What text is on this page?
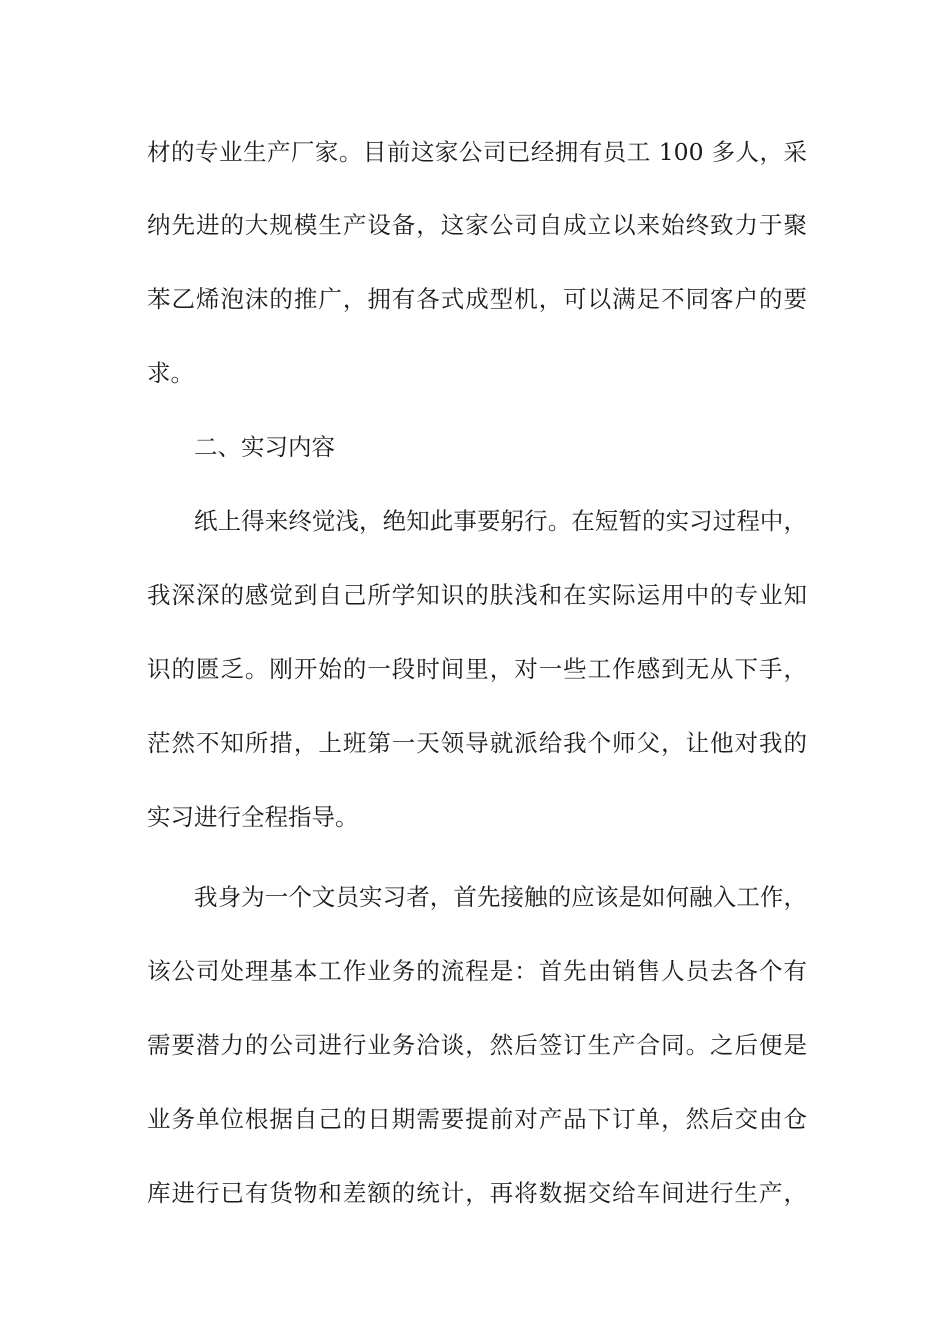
材的专业生产厂家。目前这家公司已经拥有员工 100 多人，采
纳先进的大规模生产设备，这家公司自成立以来始终致力于聚
苯乙烯泡沫的推广，拥有各式成型机，可以满足不同客户的要
求。
二、实习内容
纸上得来终觉浅，绝知此事要躬行。在短暂的实习过程中，
我深深的感觉到自己所学知识的肤浅和在实际运用中的专业知
识的匮乏。刚开始的一段时间里，对一些工作感到无从下手，
茫然不知所措，上班第一天领导就派给我个师父，让他对我的
实习进行全程指导。
我身为一个文员实习者，首先接触的应该是如何融入工作，
该公司处理基本工作业务的流程是：首先由销售人员去各个有
需要潜力的公司进行业务洽谈，然后签订生产合同。之后便是
业务单位根据自己的日期需要提前对产品下订单，然后交由仓
库进行已有货物和差额的统计，再将数据交给车间进行生产，
